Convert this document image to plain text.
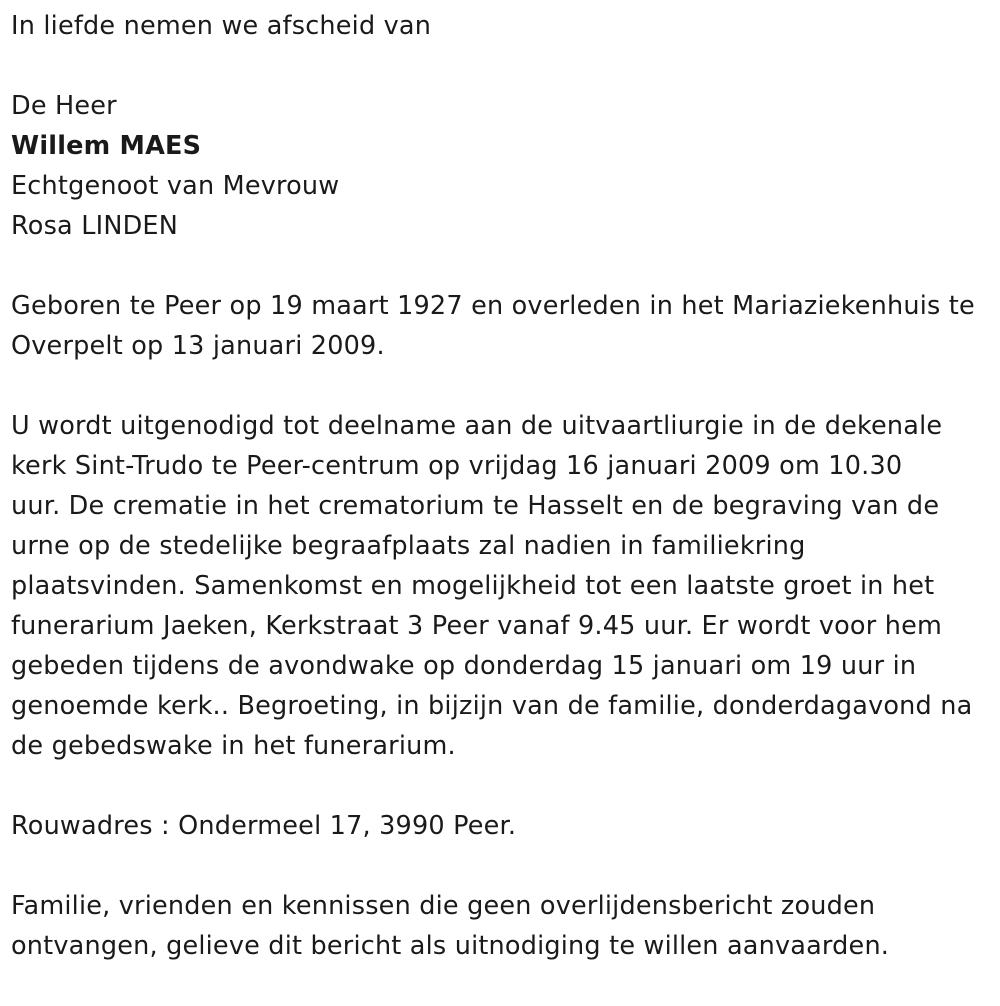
In liefde nemen we afscheid van
De Heer
Willem MAES
Echtgenoot van Mevrouw
Rosa LINDEN
Geboren te Peer op 19 maart 1927 en overleden in het Mariaziekenhuis te
Overpelt op 13 januari 2009.
U wordt uitgenodigd tot deelname aan de uitvaartliurgie in de dekenale
kerk Sint-Trudo te Peer-centrum op vrijdag 16 januari 2009 om 10.30
uur. De crematie in het crematorium te Hasselt en de begraving van de
urne op de stedelijke begraafplaats zal nadien in familiekring
plaatsvinden. Samenkomst en mogelijkheid tot een laatste groet in het
funerarium Jaeken, Kerkstraat 3 Peer vanaf 9.45 uur. Er wordt voor hem
gebeden tijdens de avondwake op donderdag 15 januari om 19 uur in
genoemde kerk.. Begroeting, in bijzijn van de familie, donderdagavond na
de gebedswake in het funerarium.
Rouwadres : Ondermeel 17, 3990 Peer.
Familie, vrienden en kennissen die geen overlijdensbericht zouden
ontvangen, gelieve dit bericht als uitnodiging te willen aanvaarden.
